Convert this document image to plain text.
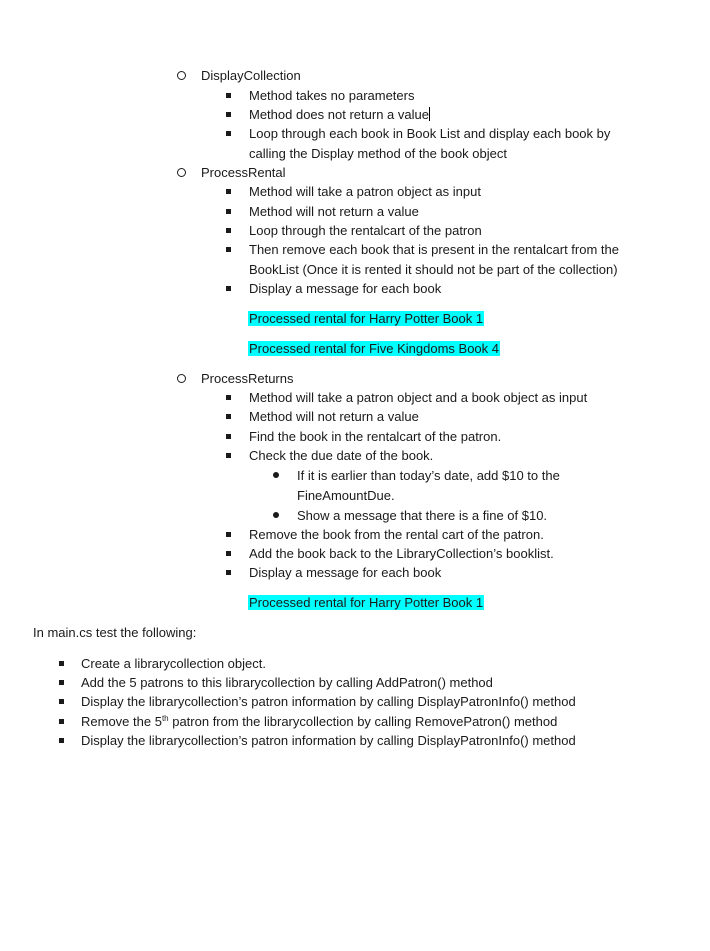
DisplayCollection
Method takes no parameters
Method does not return a value
Loop through each book in Book List and display each book by
calling the Display method of the book object
ProcessRental
Method will take a patron object as input
Method will not return a value
Loop through the rentalcart of the patron
Then remove each book that is present in the rentalcart from the
BookList (Once it is rented it should not be part of the collection)
Display a message for each book
Processed rental for Harry Potter Book 1
Processed rental for Five Kingdoms Book 4
ProcessReturns
Method will take a patron object and a book object as input
Method will not return a value
Find the book in the rentalcart of the patron.
Check the due date of the book.
If it is earlier than today’s date, add $10 to the
FineAmountDue.
Show a message that there is a fine of $10.
Remove the book from the rental cart of the patron.
Add the book back to the LibraryCollection’s booklist.
Display a message for each book
Processed rental for Harry Potter Book 1
In main.cs test the following:
Create a librarycollection object.
Add the 5 patrons to this librarycollection by calling AddPatron() method
Display the librarycollection’s patron information by calling DisplayPatronInfo() method
Remove the 5th patron from the librarycollection by calling RemovePatron() method
Display the librarycollection’s patron information by calling DisplayPatronInfo() method
